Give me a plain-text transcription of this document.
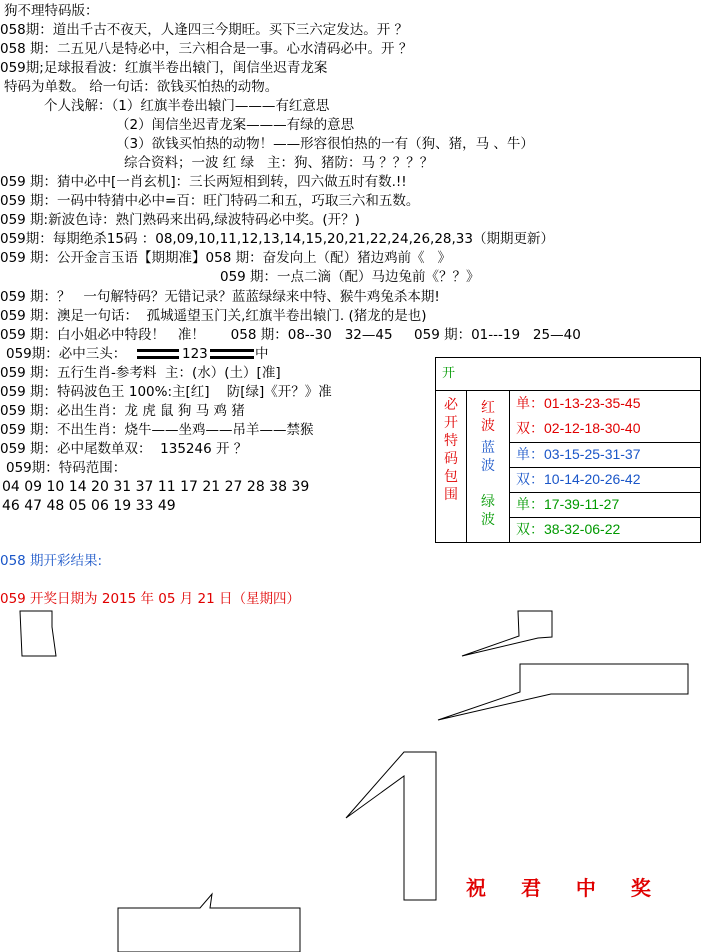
狗不理特码版：
058期：道出千古不夜天，人逢四三今期旺。买下三六定发达。开 ？
058 期：二五见八是特必中，三六相合是一事。心水清码必中。开 ？
059期;足球报看波：红旗半卷出辕门，闺信坐迟青龙案
特码为单数。 给一句话：欲钱买怕热的动物。
个人浅解：（1）红旗半卷出辕门———有红意思
（2）闺信坐迟青龙案———有绿的意思
（3）欲钱买怕热的动物！——形容很怕热的一有（狗、猪，马 、牛）
综合资料；一波 红 绿   主：狗、猪防：马 ？？？？
059 期：猜中必中[一肖玄机]：三长两短相到转，四六做五时有数.!!
059 期：一码中特猜中必中=百：旺门特码二和五，巧取三六和五数。
059 期:新波色诗：熟门熟码来出码,绿波特码必中奖。(开？)
059期：每期绝杀15码 ：08,09,10,11,12,13,14,15,20,21,22,24,26,28,33（期期更新）
059 期：公开金言玉语【期期准】058 期：奋发向上（配）猪边鸡前《   》
059 期：一点二滴（配）马边兔前《？？》
059 期：？   一句解特码？无错记录？蓝蓝绿绿来中特、猴牛鸡兔杀本期!
059 期：澳足一句话：  孤城遥望玉门关,红旗半卷出辕门. (猪龙的是也)
059 期：白小姐必中特段！   准！      058 期：08--30   32—45     059 期：01---19   25—40
059期：必中三头：	123	中
059 期：五行生肖-参考料  主：(水）(土）[准]
059 期：特码波色王 100%:主[红]    防[绿]《开？》准
059 期：必出生肖：龙 虎 鼠 狗 马 鸡 猪
059 期：不出生肖：烧牛——坐鸡——吊羊——禁猴
059 期：必中尾数单双：  135246 开 ？
059期：特码范围：
04 09 10 14 20 31 37 11 17 21 27 28 38 39
46 47 48 05 06 19 33 49
开
必
开
特
码
包
围
红
波
蓝
波
绿
波
单：01-13-23-35-45
双：02-12-18-30-40
单：03-15-25-31-37
双：10-14-20-26-42
单：17-39-11-27
双：38-32-06-22
058 期开彩结果:
059 开奖日期为 2015 年 05 月 21 日（星期四）
祝 君 中 奖
